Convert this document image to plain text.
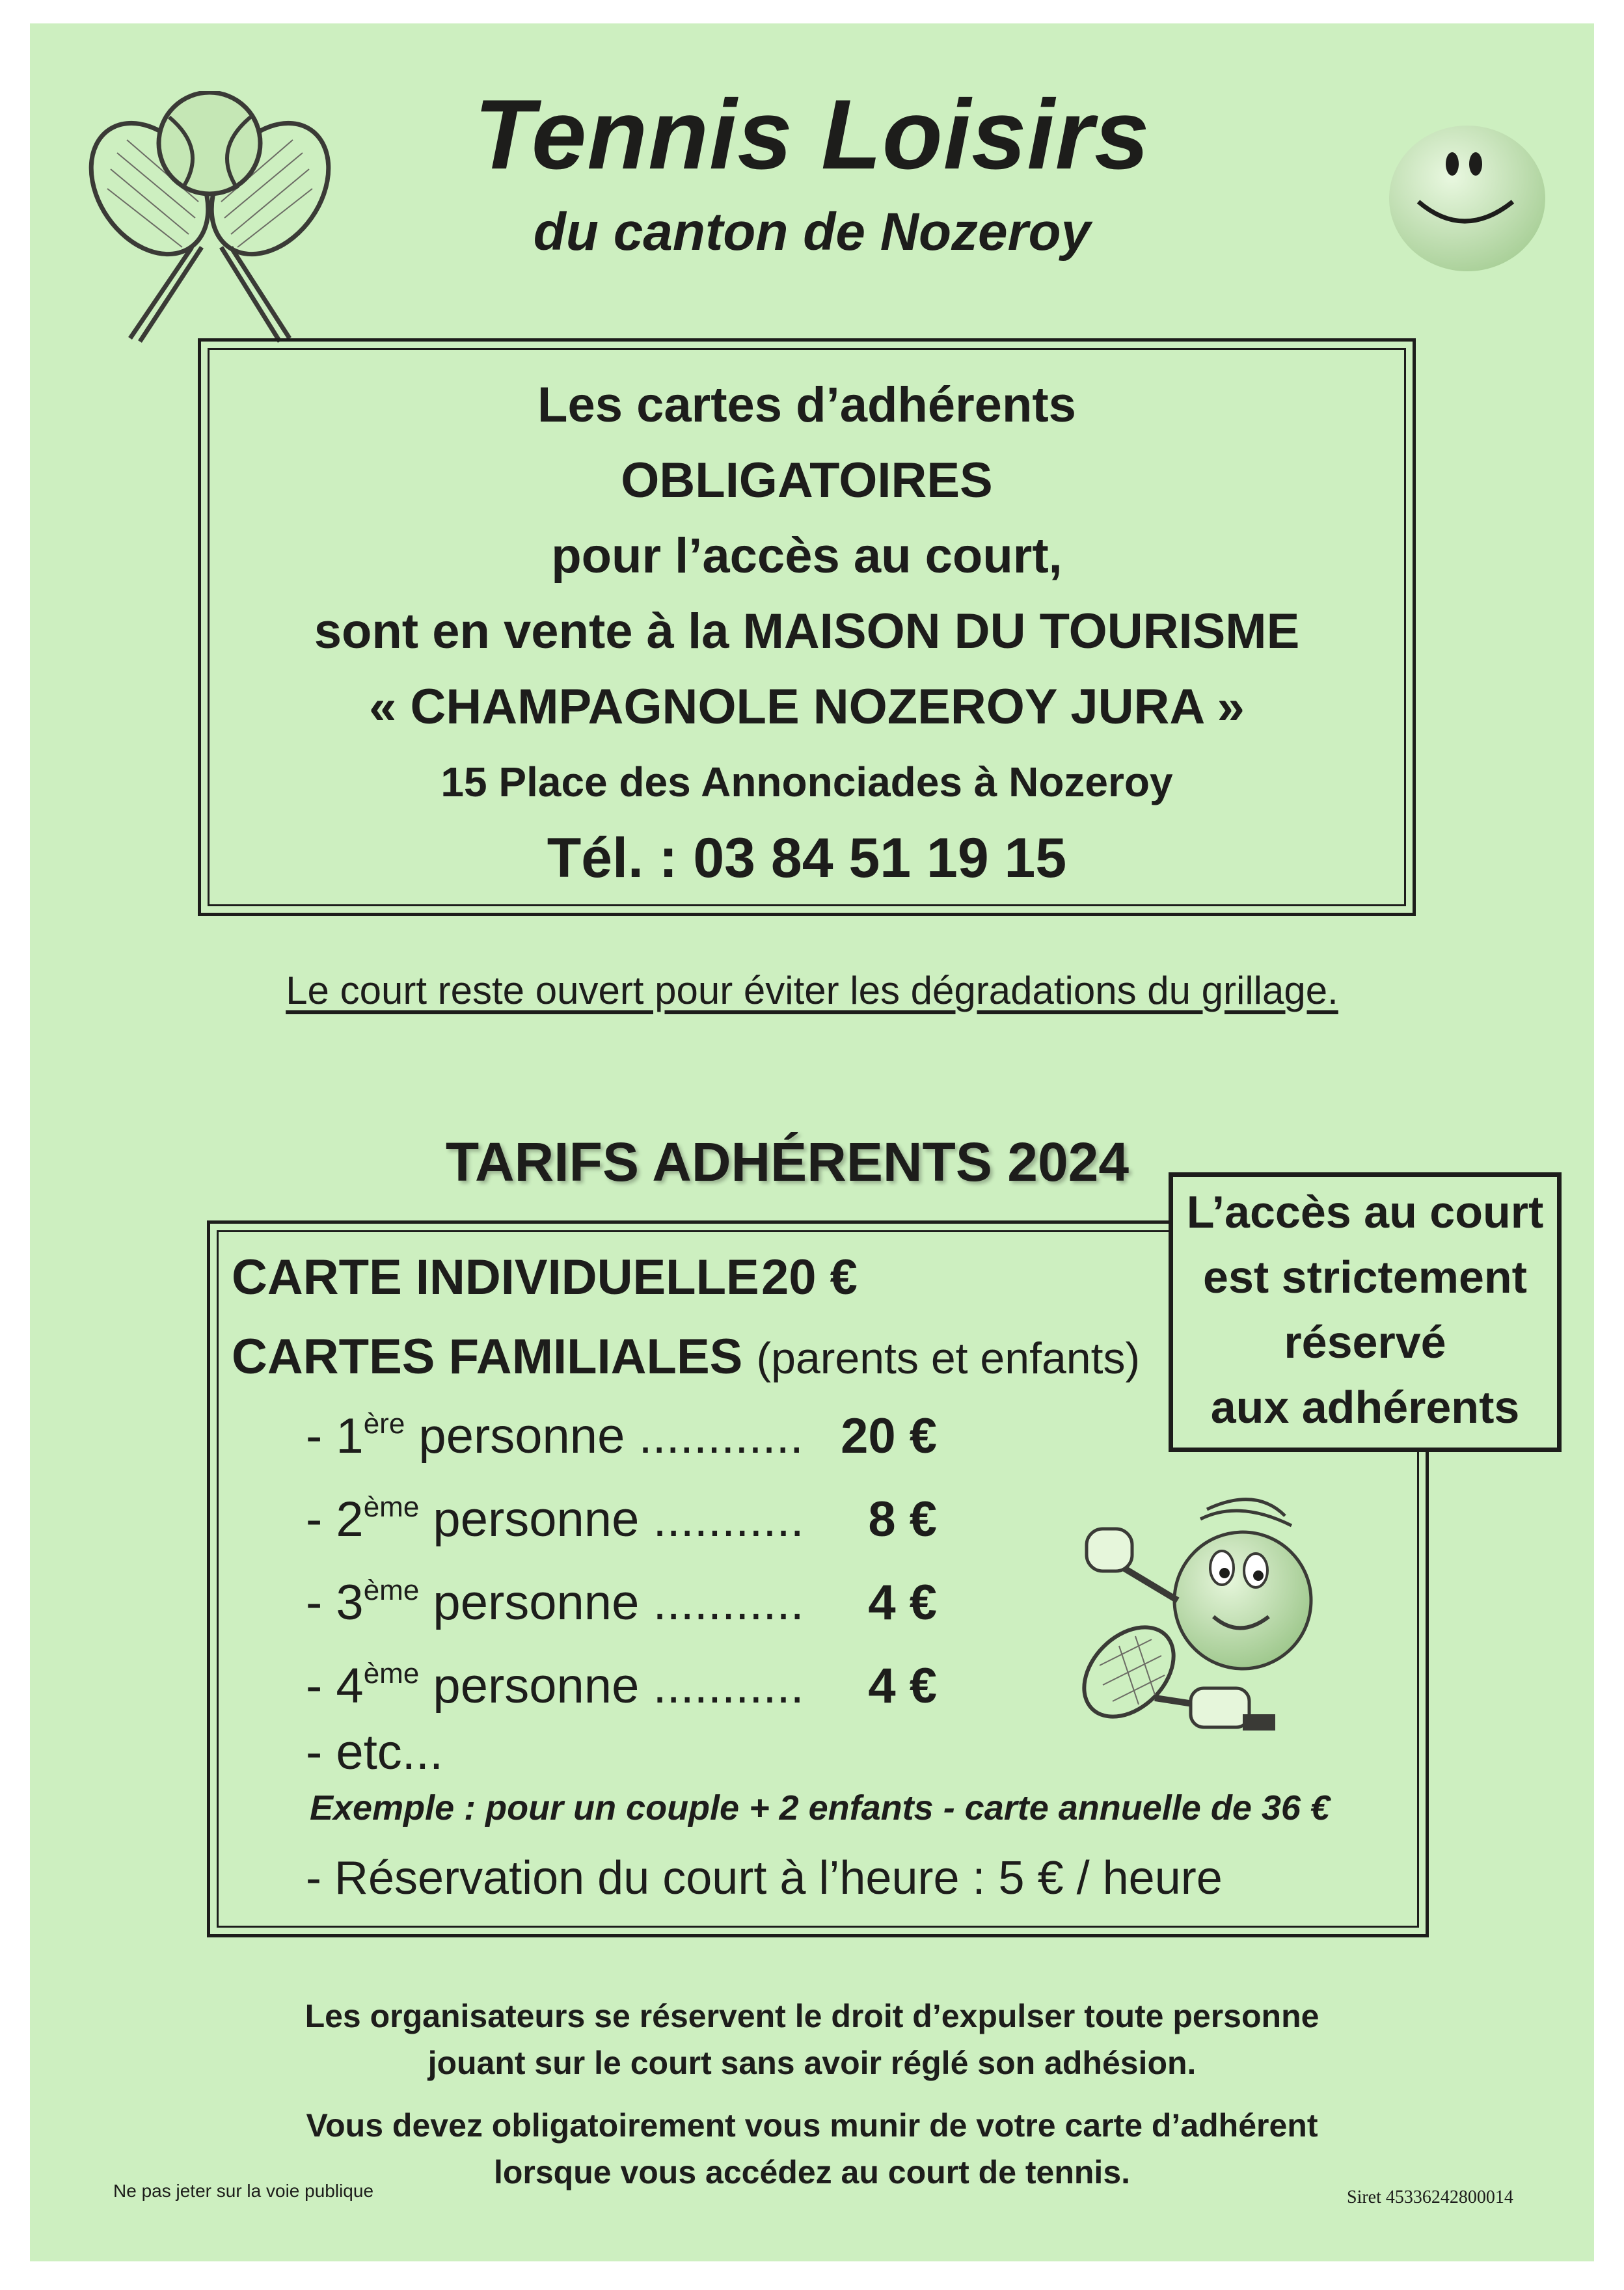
Tennis Loisirs
du canton de Nozeroy
Les cartes d’adhérents
OBLIGATOIRES
pour l’accès au court,
sont en vente à la MAISON DU TOURISME
« CHAMPAGNOLE NOZEROY JURA »
15 Place des Annonciades à Nozeroy
Tél. : 03 84 51 19 15
Le court reste ouvert pour éviter les dégradations du grillage.
TARIFS ADHÉRENTS 2024
CARTE INDIVIDUELLE 20 €
CARTES FAMILIALES (parents et enfants)
- 1ère personne ............ 20 €
- 2ème personne ...........	8 €
- 3ème personne ...........	4 €
- 4ème personne ...........	4 €
- etc...
Exemple : pour un couple + 2 enfants - carte annuelle de 36 €
- Réservation du court à l’heure : 5 € / heure
L’accès au court
est strictement
réservé
aux adhérents
Les organisateurs se réservent le droit d’expulser toute personne
jouant sur le court sans avoir réglé son adhésion.
Vous devez obligatoirement vous munir de votre carte d’adhérent
lorsque vous accédez au court de tennis.
Ne pas jeter sur la voie publique	Siret 45336242800014
